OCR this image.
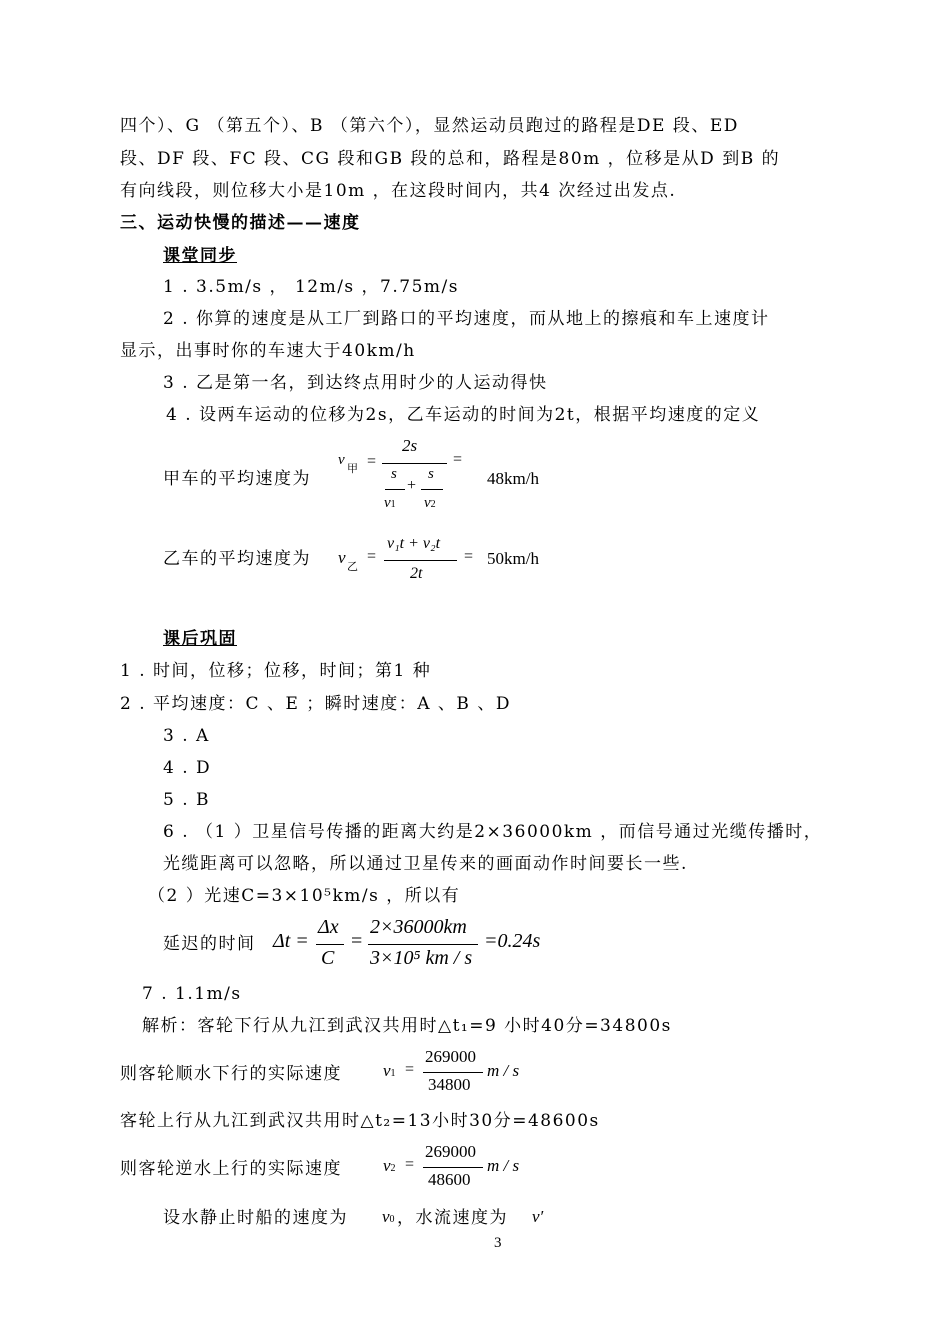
四个）、G （第五个）、B （第六个），显然运动员跑过的路程是DE 段、ED
段、DF 段、FC 段、CG 段和GB 段的总和，路程是80m ，位移是从D 到B 的
有向线段，则位移大小是10m ，在这段时间内，共4 次经过出发点.
三、运动快慢的描述——速度
课堂同步
1 . 3.5m/s ， 12m/s ，7.75m/s
2 . 你算的速度是从工厂到路口的平均速度，而从地上的擦痕和车上速度计
显示，出事时你的车速大于40km/h
3 . 乙是第一名，到达终点用时少的人运动得快
4 . 设两车运动的位移为2s，乙车运动的时间为2t，根据平均速度的定义
甲车的平均速度为
v
甲 =
2s
s
v1
+
s
v2
=
48km/h
乙车的平均速度为 v 乙
=
v₁t + v₂t
2t
= 50km/h
课后巩固
1 . 时间，位移；位移，时间；第1 种
2 . 平均速度：C 、E ；瞬时速度：A 、B 、D
3 . A
4 . D
5 . B
6 . （1 ）卫星信号传播的距离大约是2×36000km ，而信号通过光缆传播时，
光缆距离可以忽略，所以通过卫星传来的画面动作时间要长一些.
（2 ）光速C=3×10⁵km/s ，所以有
延迟的时间 Δt =
Δx
C
=
2×36000km
3×10⁵ km / s
=0.24s
7 . 1.1m/s
解析：客轮下行从九江到武汉共用时△t₁=9 小时40分=34800s
则客轮顺水下行的实际速度 v1 =
269000
34800
m / s
客轮上行从九江到武汉共用时△t₂=13小时30分=48600s
则客轮逆水上行的实际速度 v2 =
269000
48600
m / s
设水静止时船的速度为 v0 ，水流速度为 v′
3
